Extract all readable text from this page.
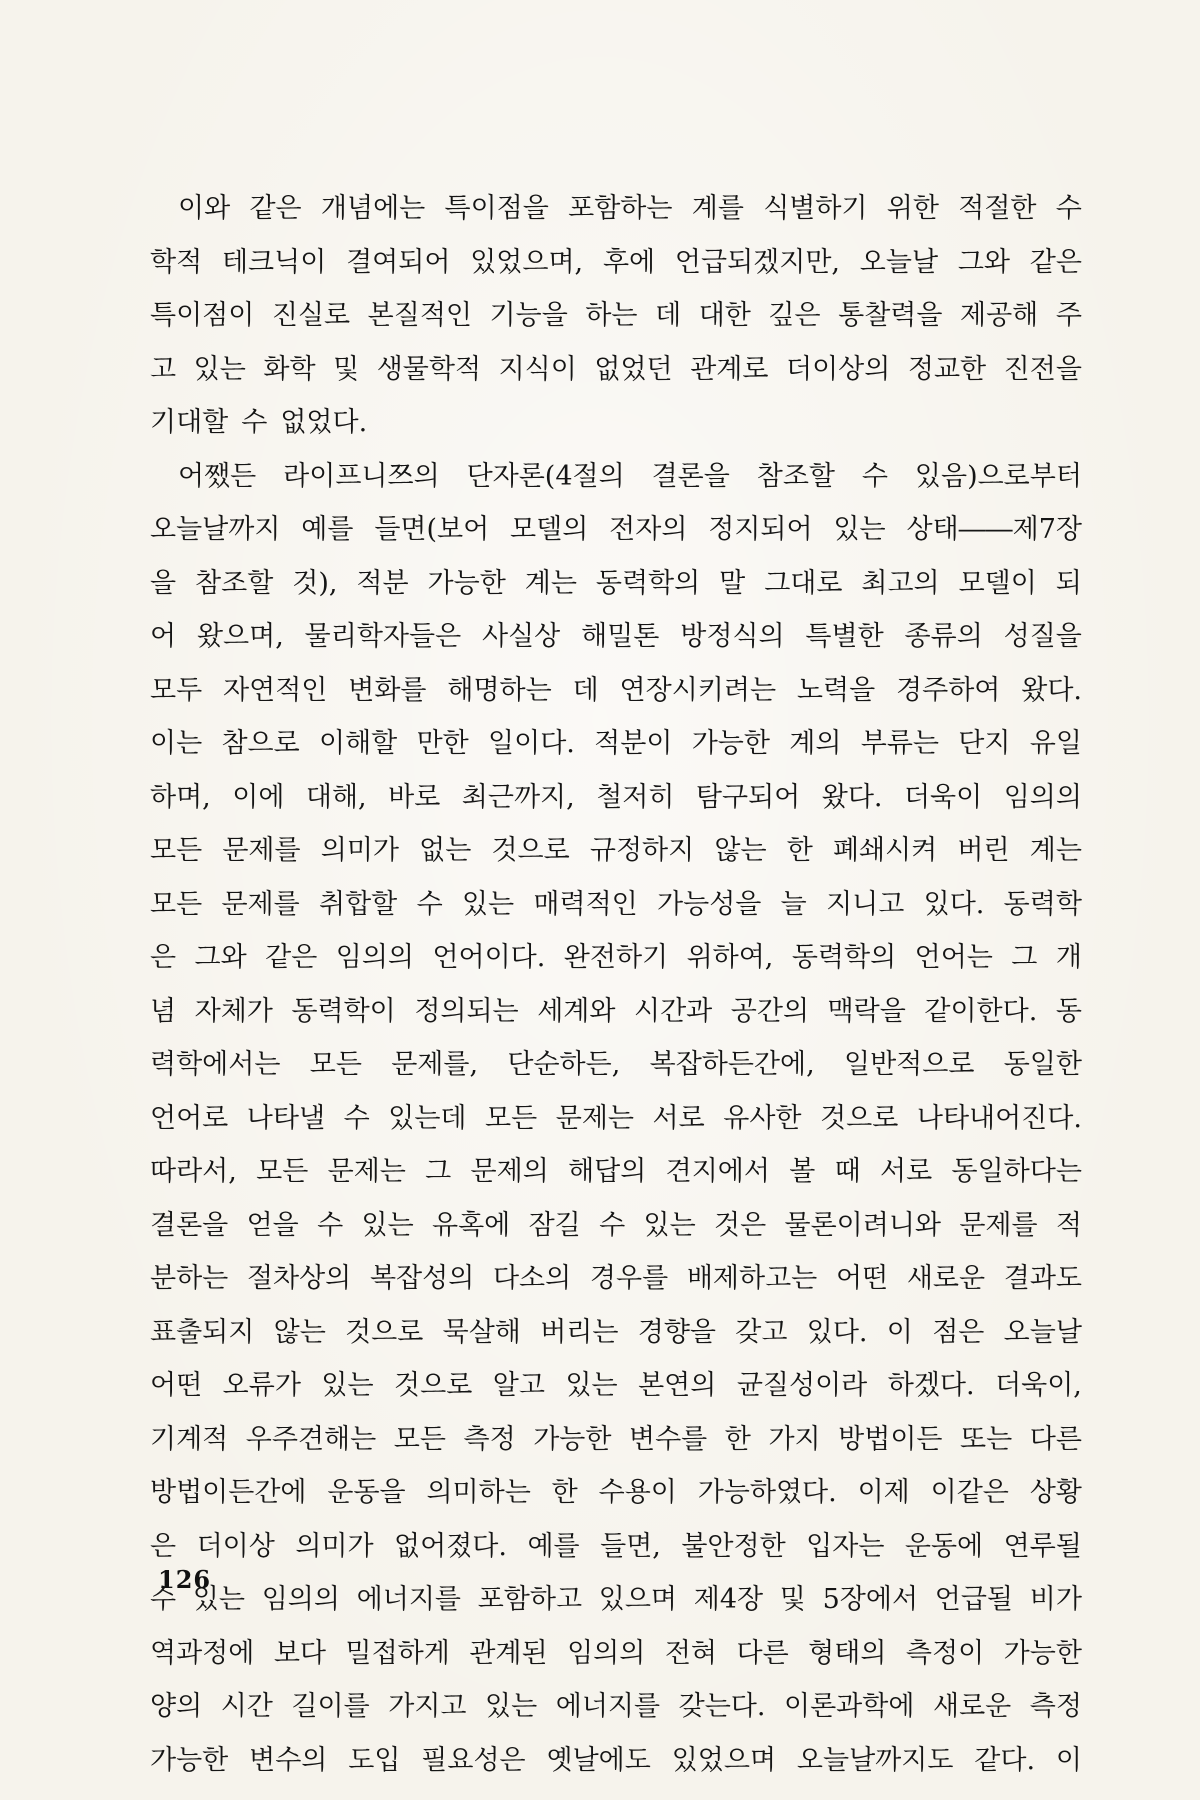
이와 같은 개념에는 특이점을 포함하는 계를 식별하기 위한 적절한 수
학적 테크닉이 결여되어 있었으며, 후에 언급되겠지만, 오늘날 그와 같은
특이점이 진실로 본질적인 기능을 하는 데 대한 깊은 통찰력을 제공해 주
고 있는 화학 및 생물학적 지식이 없었던 관계로 더이상의 정교한 진전을
기대할 수 없었다.
어쨌든 라이프니쯔의 단자론(4절의 결론을 참조할 수 있음)으로부터
오늘날까지 예를 들면(보어 모델의 전자의 정지되어 있는 상태――제7장
을 참조할 것), 적분 가능한 계는 동력학의 말 그대로 최고의 모델이 되
어 왔으며, 물리학자들은 사실상 해밀톤 방정식의 특별한 종류의 성질을
모두 자연적인 변화를 해명하는 데 연장시키려는 노력을 경주하여 왔다.
이는 참으로 이해할 만한 일이다. 적분이 가능한 계의 부류는 단지 유일
하며, 이에 대해, 바로 최근까지, 철저히 탐구되어 왔다. 더욱이 임의의
모든 문제를 의미가 없는 것으로 규정하지 않는 한 폐쇄시켜 버린 계는
모든 문제를 취합할 수 있는 매력적인 가능성을 늘 지니고 있다. 동력학
은 그와 같은 임의의 언어이다. 완전하기 위하여, 동력학의 언어는 그 개
념 자체가 동력학이 정의되는 세계와 시간과 공간의 맥락을 같이한다. 동
력학에서는 모든 문제를, 단순하든, 복잡하든간에, 일반적으로 동일한
언어로 나타낼 수 있는데 모든 문제는 서로 유사한 것으로 나타내어진다.
따라서, 모든 문제는 그 문제의 해답의 견지에서 볼 때 서로 동일하다는
결론을 얻을 수 있는 유혹에 잠길 수 있는 것은 물론이려니와 문제를 적
분하는 절차상의 복잡성의 다소의 경우를 배제하고는 어떤 새로운 결과도
표출되지 않는 것으로 묵살해 버리는 경향을 갖고 있다. 이 점은 오늘날
어떤 오류가 있는 것으로 알고 있는 본연의 균질성이라 하겠다. 더욱이,
기계적 우주견해는 모든 측정 가능한 변수를 한 가지 방법이든 또는 다른
방법이든간에 운동을 의미하는 한 수용이 가능하였다. 이제 이같은 상황
은 더이상 의미가 없어졌다. 예를 들면, 불안정한 입자는 운동에 연루될
수 있는 임의의 에너지를 포함하고 있으며 제4장 및 5장에서 언급될 비가
역과정에 보다 밀접하게 관계된 임의의 전혀 다른 형태의 측정이 가능한
양의 시간 길이를 가지고 있는 에너지를 갖는다. 이론과학에 새로운 측정
가능한 변수의 도입 필요성은 옛날에도 있었으며 오늘날까지도 같다. 이
126
